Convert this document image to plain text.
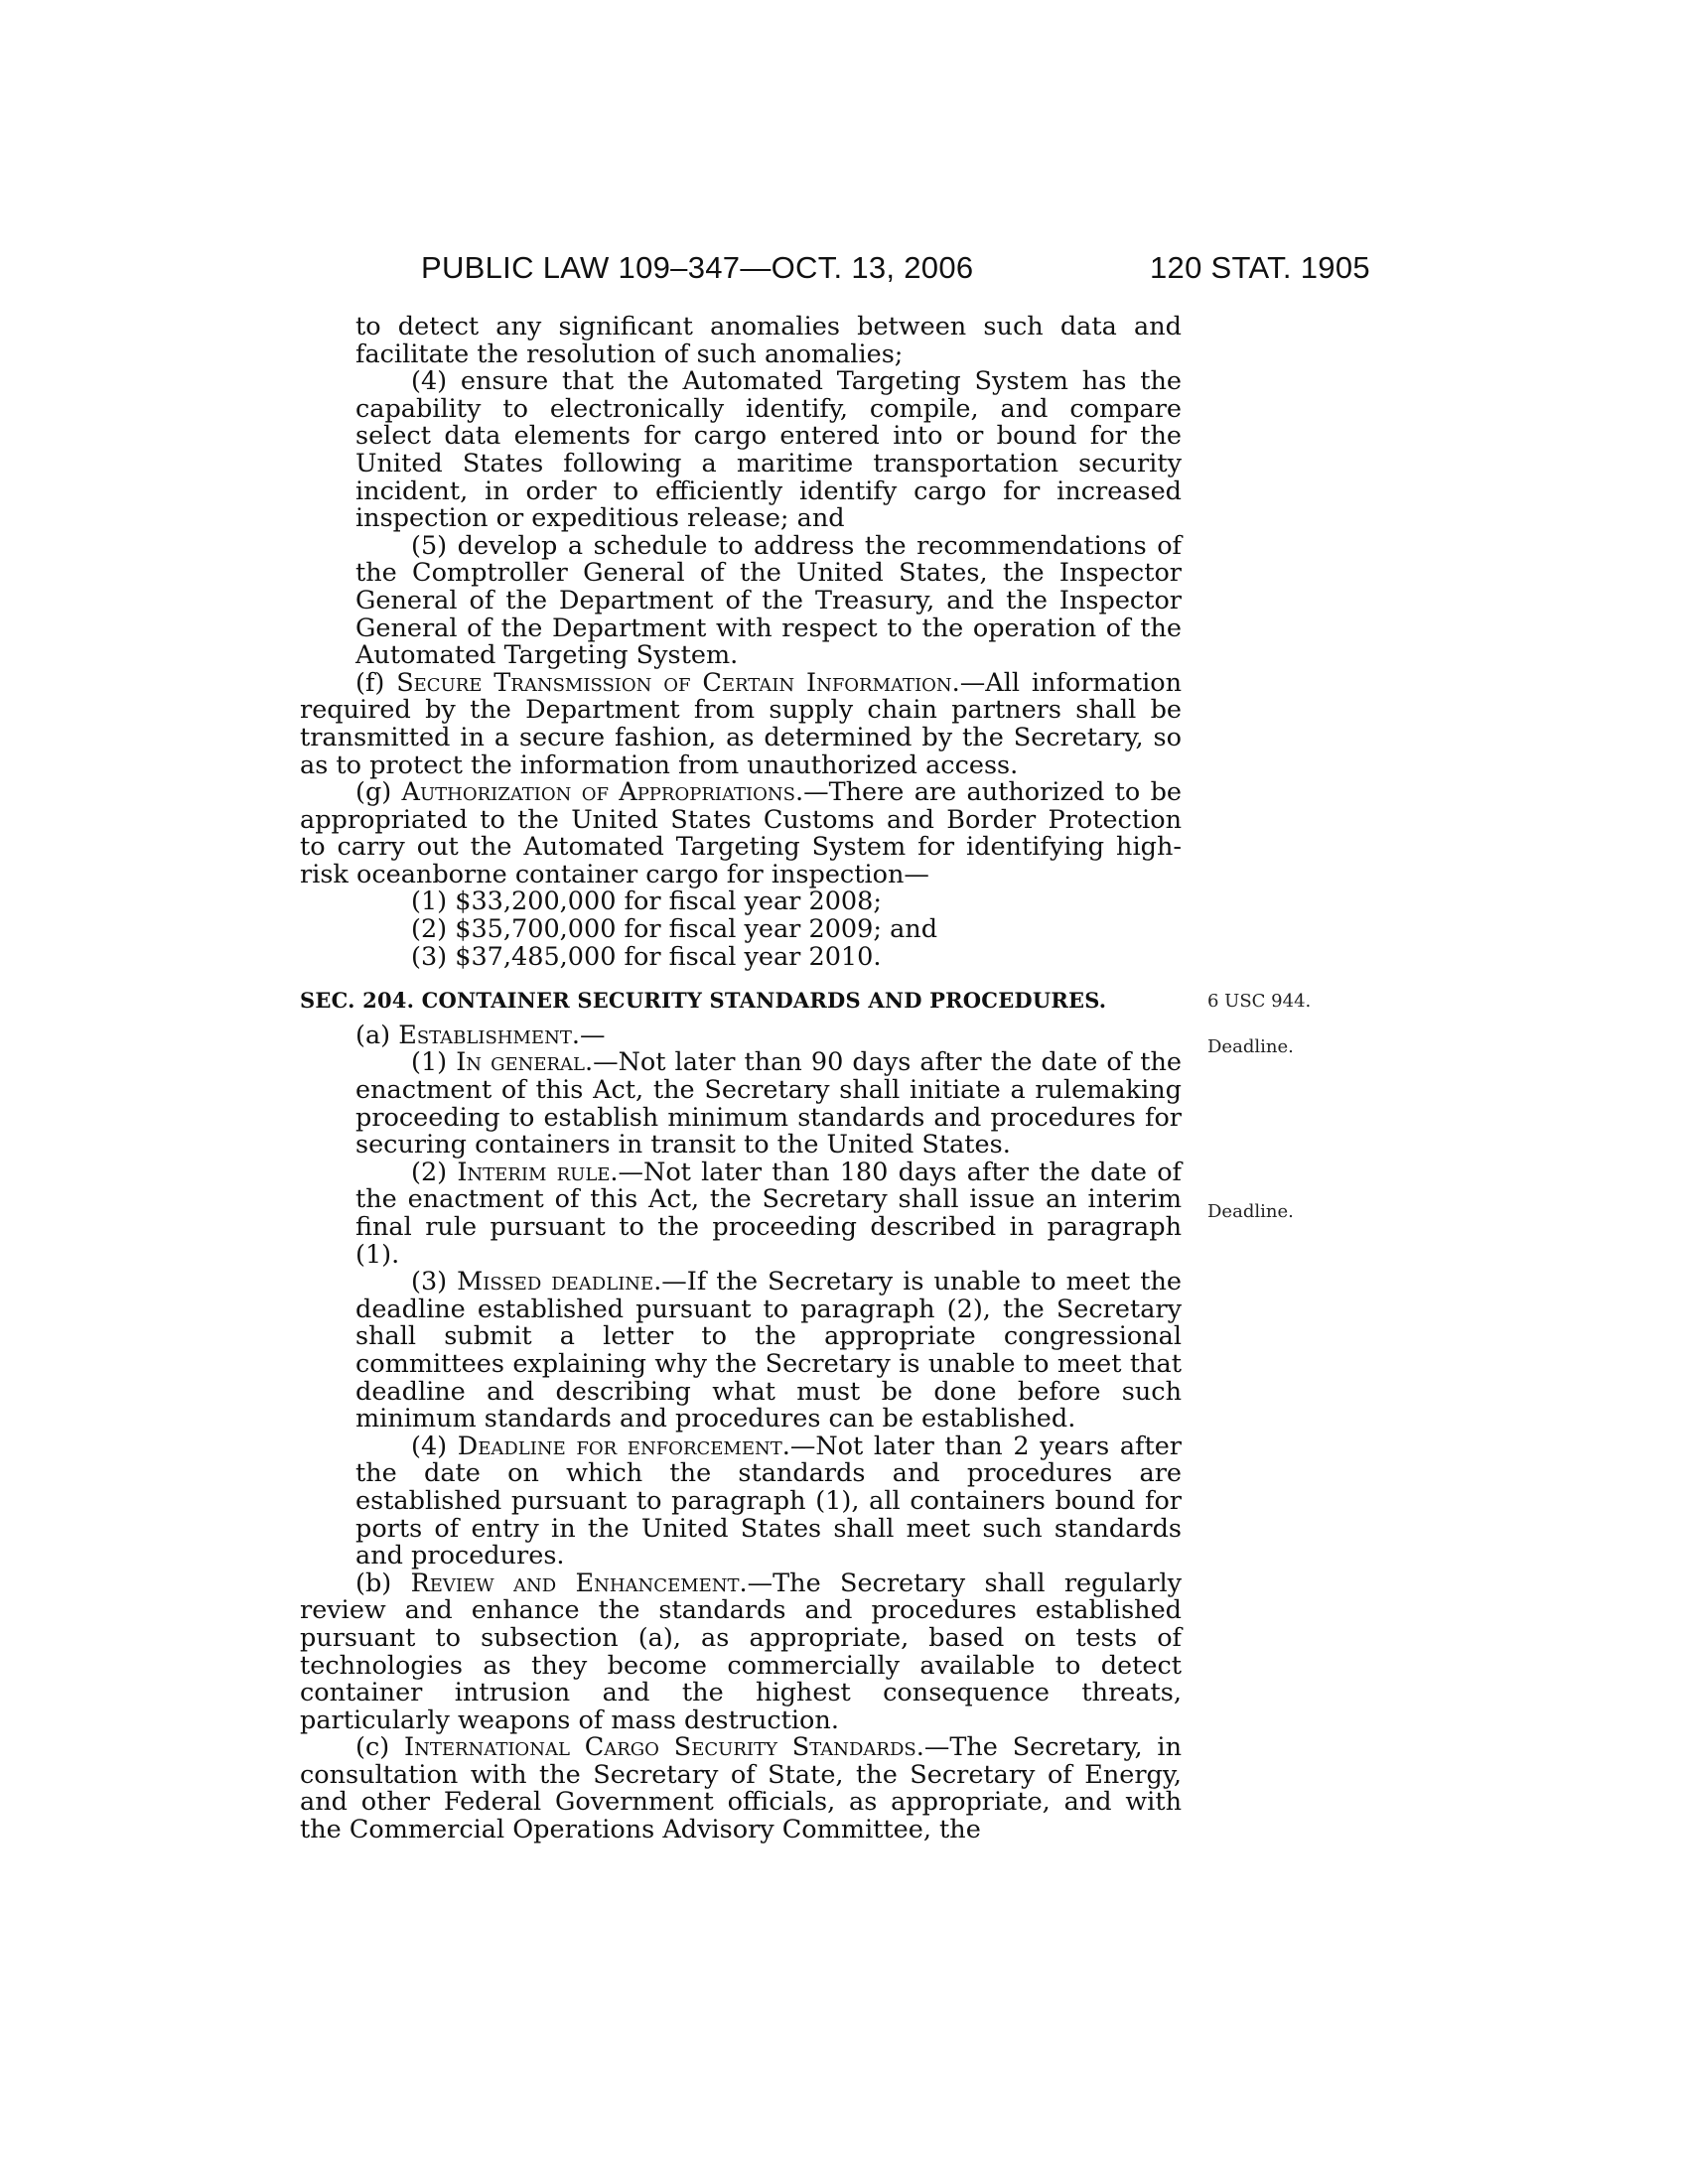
PUBLIC LAW 109–347—OCT. 13, 2006	120 STAT. 1905

to detect any significant anomalies between such data and facilitate the resolution of such anomalies;

(4) ensure that the Automated Targeting System has the capability to electronically identify, compile, and compare select data elements for cargo entered into or bound for the United States following a maritime transportation security incident, in order to efficiently identify cargo for increased inspection or expeditious release; and

(5) develop a schedule to address the recommendations of the Comptroller General of the United States, the Inspector General of the Department of the Treasury, and the Inspector General of the Department with respect to the operation of the Automated Targeting System.

(f) Secure Transmission of Certain Information.—All information required by the Department from supply chain partners shall be transmitted in a secure fashion, as determined by the Secretary, so as to protect the information from unauthorized access.

(g) Authorization of Appropriations.—There are authorized to be appropriated to the United States Customs and Border Protection to carry out the Automated Targeting System for identifying high-risk oceanborne container cargo for inspection—

(1) $33,200,000 for fiscal year 2008;

(2) $35,700,000 for fiscal year 2009; and

(3) $37,485,000 for fiscal year 2010.

SEC. 204. CONTAINER SECURITY STANDARDS AND PROCEDURES.

(a) Establishment.—

(1) In general.—Not later than 90 days after the date of the enactment of this Act, the Secretary shall initiate a rulemaking proceeding to establish minimum standards and procedures for securing containers in transit to the United States.

(2) Interim rule.—Not later than 180 days after the date of the enactment of this Act, the Secretary shall issue an interim final rule pursuant to the proceeding described in paragraph (1).

(3) Missed deadline.—If the Secretary is unable to meet the deadline established pursuant to paragraph (2), the Secretary shall submit a letter to the appropriate congressional committees explaining why the Secretary is unable to meet that deadline and describing what must be done before such minimum standards and procedures can be established.

(4) Deadline for enforcement.—Not later than 2 years after the date on which the standards and procedures are established pursuant to paragraph (1), all containers bound for ports of entry in the United States shall meet such standards and procedures.

(b) Review and Enhancement.—The Secretary shall regularly review and enhance the standards and procedures established pursuant to subsection (a), as appropriate, based on tests of technologies as they become commercially available to detect container intrusion and the highest consequence threats, particularly weapons of mass destruction.

(c) International Cargo Security Standards.—The Secretary, in consultation with the Secretary of State, the Secretary of Energy, and other Federal Government officials, as appropriate, and with the Commercial Operations Advisory Committee, the

6 USC 944.
Deadline.
Deadline.
